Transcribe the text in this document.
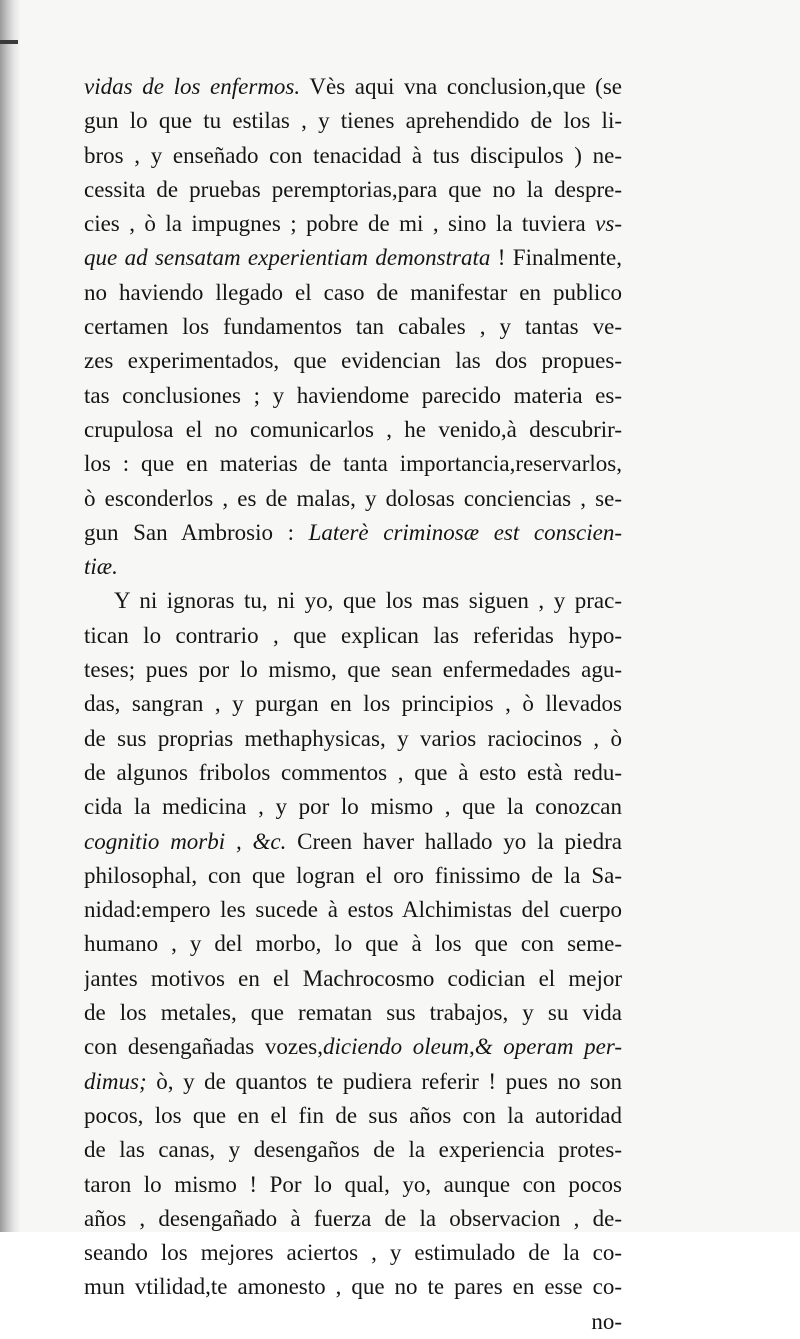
vidas de los enfermos. Vès aqui vna conclusion,que (se
gun lo que tu estilas , y tienes aprehendido de los li-
bros , y enseñado con tenacidad à tus discipulos ) ne-
cessita de pruebas peremptorias,para que no la despre-
cies , ò la impugnes ; pobre de mi , sino la tuviera vs-
que ad sensatam experientiam demonstrata ! Finalmente,
no haviendo llegado el caso de manifestar en publico
certamen los fundamentos tan cabales , y tantas ve-
zes experimentados, que evidencian las dos propues-
tas conclusiones ; y haviendome parecido materia es-
crupulosa el no comunicarlos , he venido,à descubrir-
los : que en materias de tanta importancia,reservarlos,
ò esconderlos , es de malas, y dolosas conciencias , se-
gun San Ambrosio : Laterè criminosæ est conscien-
tiæ.
Y ni ignoras tu, ni yo, que los mas siguen , y prac-
tican lo contrario , que explican las referidas hypo-
teses; pues por lo mismo, que sean enfermedades agu-
das, sangran , y purgan en los principios , ò llevados
de sus proprias methaphysicas, y varios raciocinos , ò
de algunos fribolos commentos , que à esto està redu-
cida la medicina , y por lo mismo , que la conozcan
cognitio morbi , &c. Creen haver hallado yo la piedra
philosophal, con que logran el oro finissimo de la Sa-
nidad:empero les sucede à estos Alchimistas del cuerpo
humano , y del morbo, lo que à los que con seme-
jantes motivos en el Machrocosmo codician el mejor
de los metales, que rematan sus trabajos, y su vida
con desengañadas vozes,diciendo oleum,& operam per-
dimus; ò, y de quantos te pudiera referir ! pues no son
pocos, los que en el fin de sus años con la autoridad
de las canas, y desengaños de la experiencia protes-
taron lo mismo ! Por lo qual, yo, aunque con pocos
años , desengañado à fuerza de la observacion , de-
seando los mejores aciertos , y estimulado de la co-
mun vtilidad,te amonesto , que no te pares en esse co-
no-
